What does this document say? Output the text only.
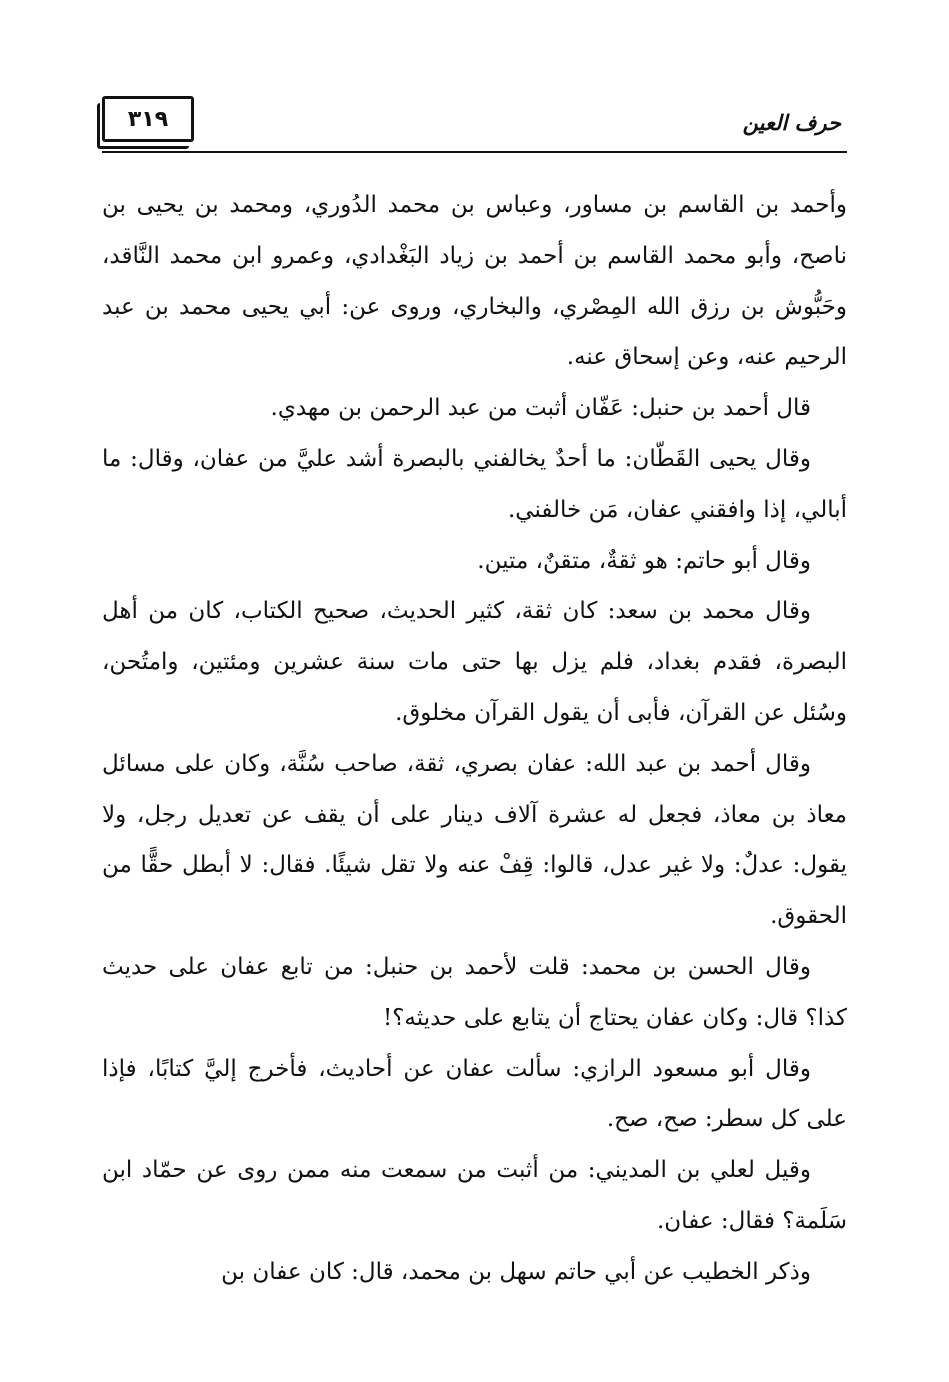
٣١٩	حرف العين

وأحمد بن القاسم بن مساور، وعباس بن محمد الدُوري، ومحمد بن يحيى بن ناصح، وأبو محمد القاسم بن أحمد بن زياد البَغْدادي، وعمرو ابن محمد النَّاقد، وحَبُّوش بن رزق الله المِصْري، والبخاري، وروى عن: أبي يحيى محمد بن عبد الرحيم عنه، وعن إسحاق عنه.

قال أحمد بن حنبل: عَفّان أثبت من عبد الرحمن بن مهدي.

وقال يحيى القَطّان: ما أحدٌ يخالفني بالبصرة أشد عليَّ من عفان، وقال: ما أبالي، إذا وافقني عفان، مَن خالفني.

وقال أبو حاتم: هو ثقةٌ، متقنٌ، متين.

وقال محمد بن سعد: كان ثقة، كثير الحديث، صحيح الكتاب، كان من أهل البصرة، فقدم بغداد، فلم يزل بها حتى مات سنة عشرين ومئتين، وامتُحن، وسُئل عن القرآن، فأبى أن يقول القرآن مخلوق.

وقال أحمد بن عبد الله: عفان بصري، ثقة، صاحب سُنَّة، وكان على مسائل معاذ بن معاذ، فجعل له عشرة آلاف دينار على أن يقف عن تعديل رجل، ولا يقول: عدلٌ: ولا غير عدل، قالوا: قِفْ عنه ولا تقل شيئًا. فقال: لا أبطل حقًّا من الحقوق.

وقال الحسن بن محمد: قلت لأحمد بن حنبل: من تابع عفان على حديث كذا؟ قال: وكان عفان يحتاج أن يتابع على حديثه؟!

وقال أبو مسعود الرازي: سألت عفان عن أحاديث، فأخرج إليَّ كتابًا، فإذا على كل سطر: صح، صح.

وقيل لعلي بن المديني: من أثبت من سمعت منه ممن روى عن حمّاد ابن سَلَمة؟ فقال: عفان.

وذكر الخطيب عن أبي حاتم سهل بن محمد، قال: كان عفان بن
